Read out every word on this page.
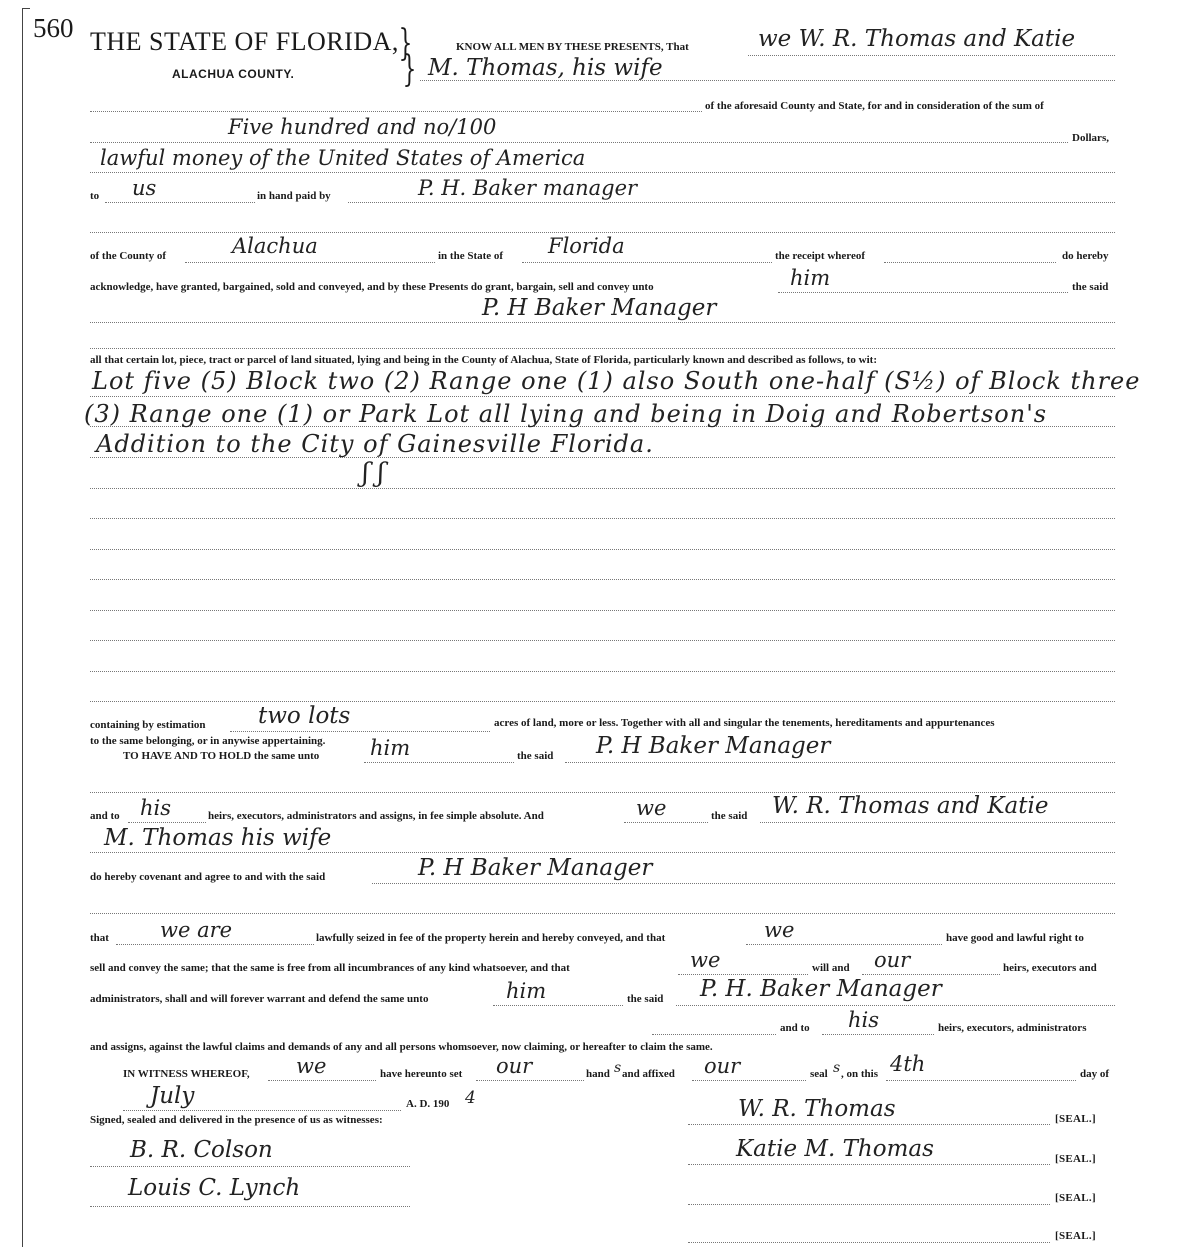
560 THE STATE OF FLORIDA,
ALACHUA COUNTY.
}
}
KNOW ALL MEN BY THESE PRESENTS, That	we W. R. Thomas and Katie
M. Thomas, his wife
of the aforesaid County and State, for and in consideration of the sum of
Five hundred and no/100	Dollars,
lawful money of the United States of America
to us	in hand paid by	P. H. Baker manager
of the County of	Alachua	in the State of Florida	the receipt whereof	do hereby
acknowledge, have granted, bargained, sold and conveyed, and by these Presents do grant, bargain, sell and convey unto	him	the said
P. H Baker Manager
all that certain lot, piece, tract or parcel of land situated, lying and being in the County of Alachua, State of Florida, particularly known and described as follows, to wit:
Lot five (5) Block two (2) Range one (1) also South one-half (S½) of Block three
(3) Range one (1) or Park Lot all lying and being in Doig and Robertson's
Addition to the City of Gainesville Florida.
ʃ ʃ
containing by estimation two lots	acres of land, more or less. Together with all and singular the tenements, hereditaments and appurtenances
to the same belonging, or in anywise appertaining.
TO HAVE AND TO HOLD the same unto him	the said P. H Baker Manager
and to his	heirs, executors, administrators and assigns, in fee simple absolute. And	we	the said W. R. Thomas and Katie
M. Thomas his wife
do hereby covenant and agree to and with the said	P. H Baker Manager
that we are	lawfully seized in fee of the property herein and hereby conveyed, and that	we	have good and lawful right to
sell and convey the same; that the same is free from all incumbrances of any kind whatsoever, and that	we	will and our	heirs, executors and
administrators, shall and will forever warrant and defend the same unto	him	the said P. H. Baker Manager
and to his	heirs, executors, administrators
and assigns, against the lawful claims and demands of any and all persons whomsoever, now claiming, or hereafter to claim the same.
IN WITNESS WHEREOF, we	have hereunto set our	hand s and affixed our	seal s , on this 4th	day of
July	A. D. 190 4
Signed, sealed and delivered in the presence of us as witnesses:	W. R. Thomas	[SEAL.]
Katie M. Thomas	[SEAL.]
[SEAL.]
[SEAL.]
B. R. Colson
Louis C. Lynch
